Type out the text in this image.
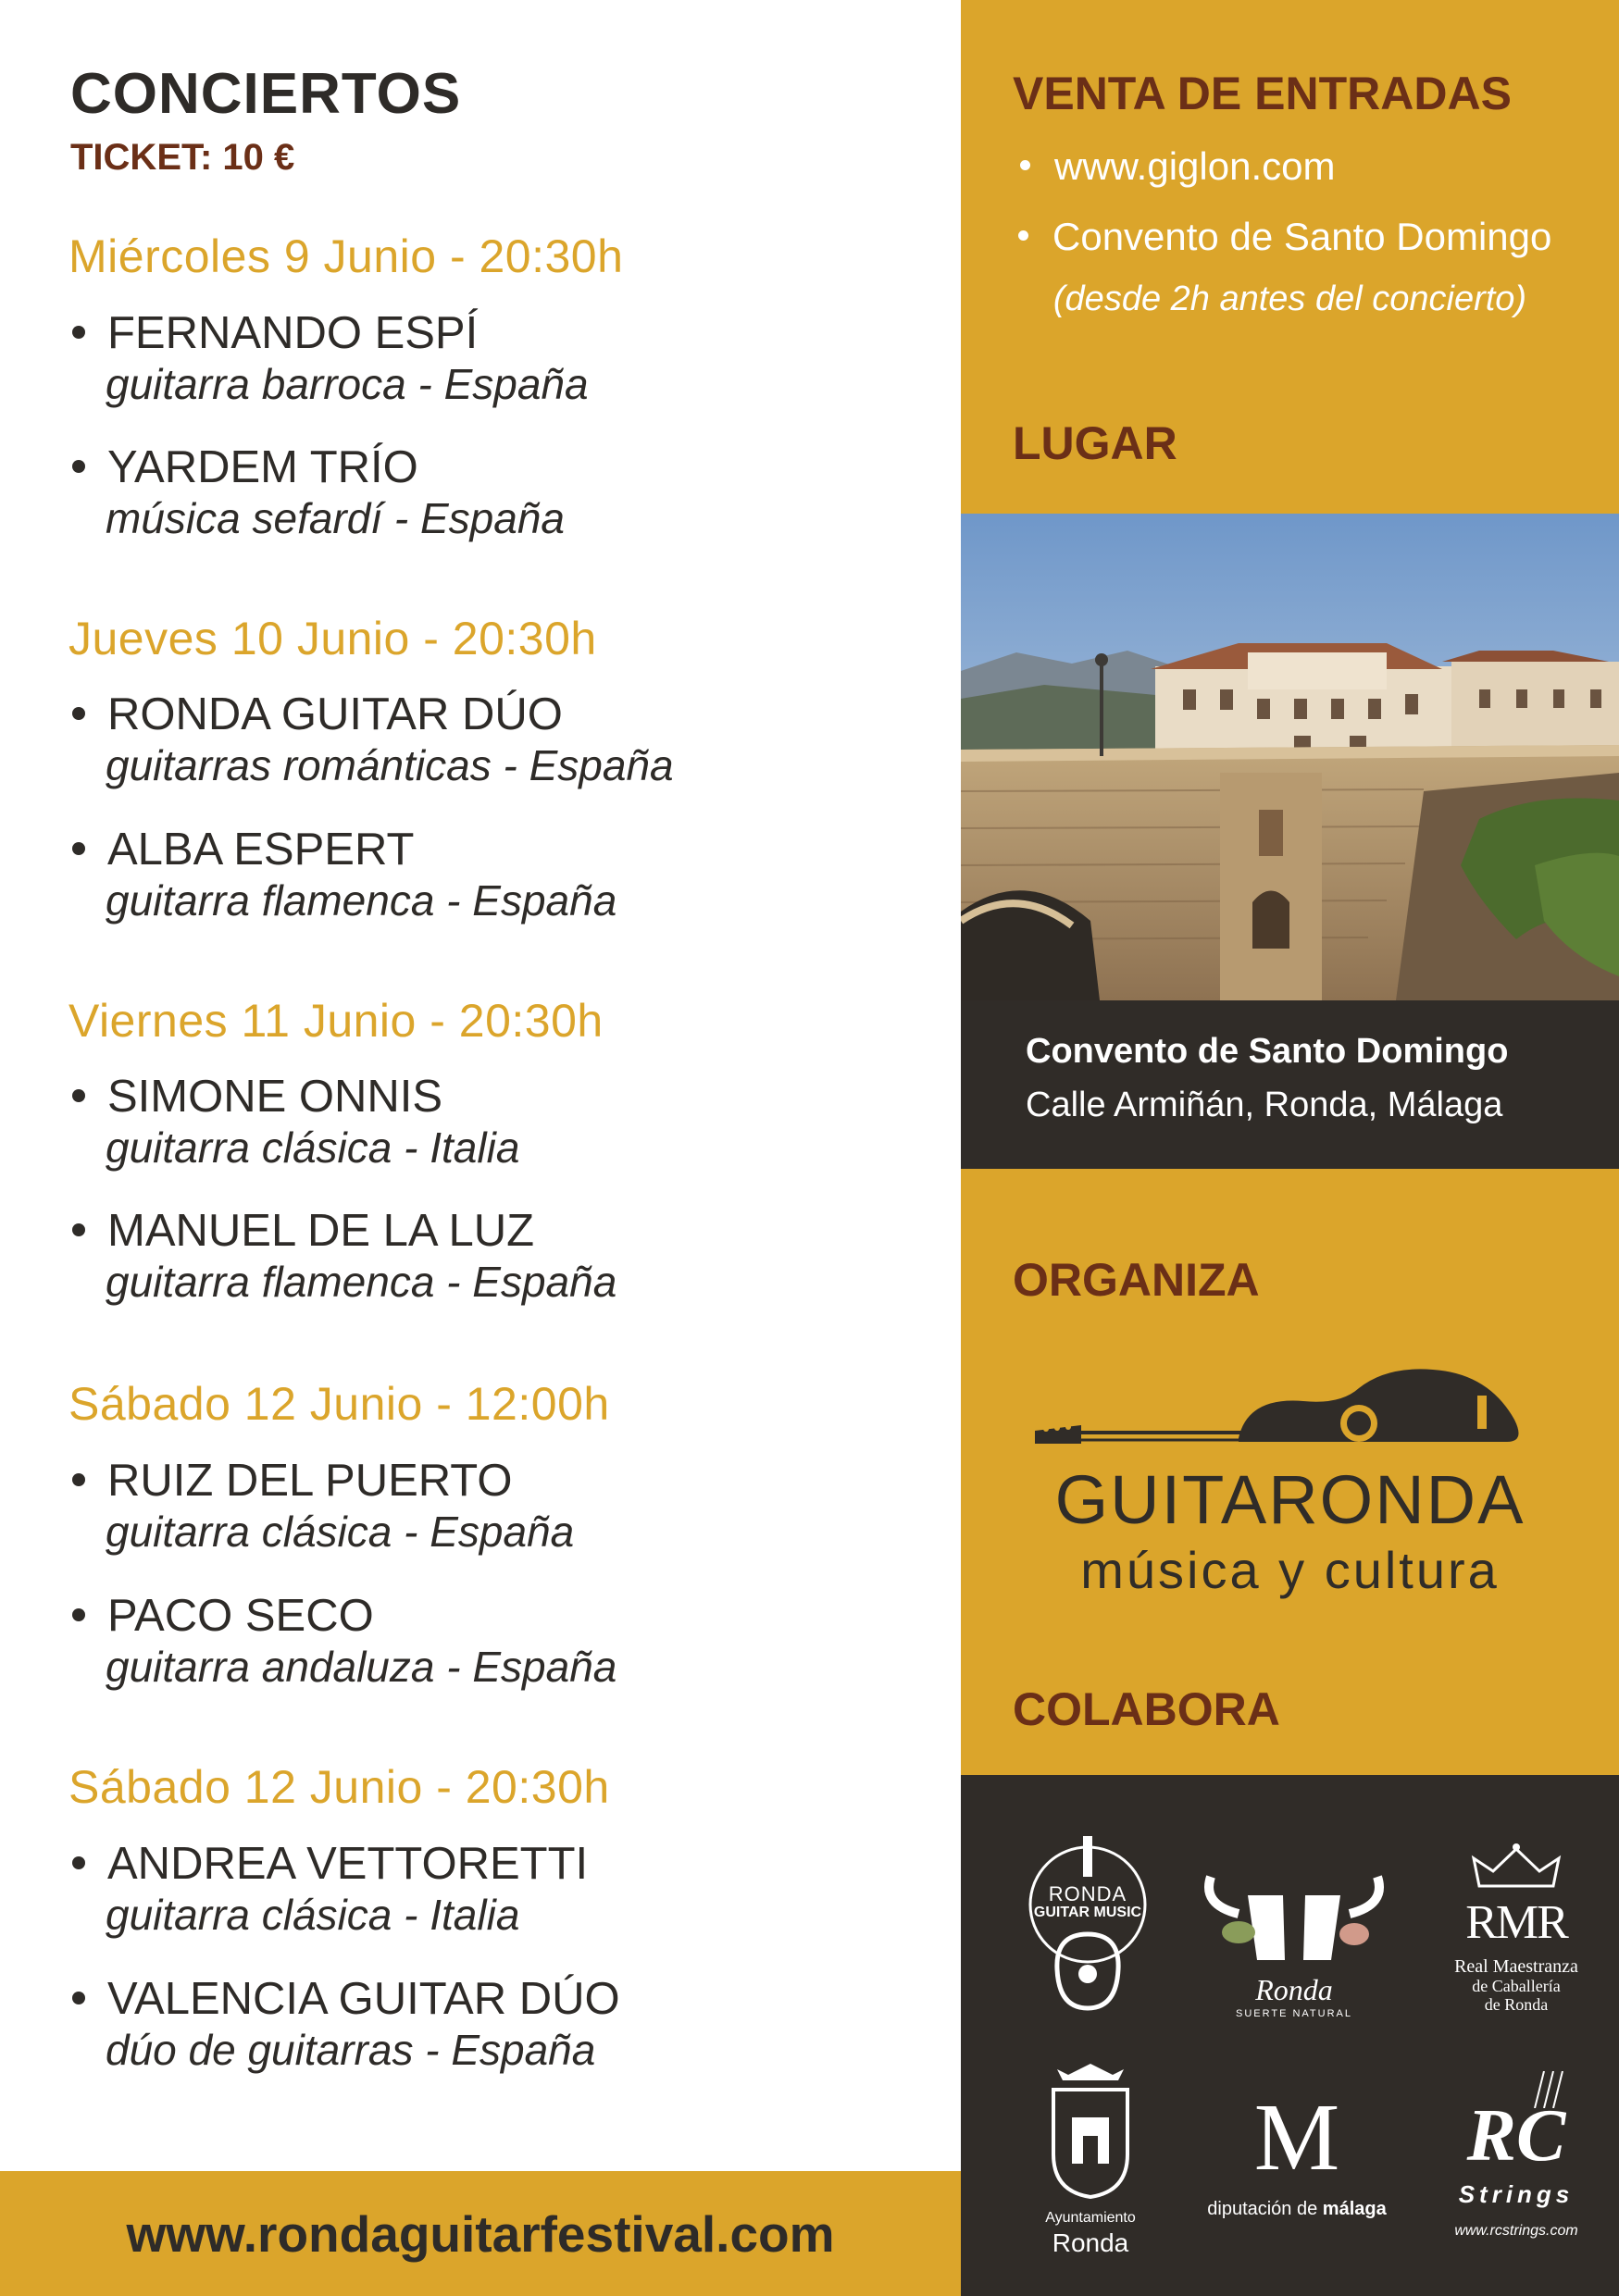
CONCIERTOS
TICKET: 10 €
Miércoles 9 Junio - 20:30h
FERNANDO ESPÍ
guitarra barroca - España
YARDEM TRÍO
música sefardí - España
Jueves 10 Junio - 20:30h
RONDA GUITAR DÚO
guitarras románticas - España
ALBA ESPERT
guitarra flamenca - España
Viernes 11 Junio - 20:30h
SIMONE ONNIS
guitarra clásica - Italia
MANUEL DE LA LUZ
guitarra flamenca - España
Sábado 12 Junio - 12:00h
RUIZ DEL PUERTO
guitarra clásica - España
PACO SECO
guitarra andaluza - España
Sábado 12 Junio - 20:30h
ANDREA VETTORETTI
guitarra clásica - Italia
VALENCIA GUITAR DÚO
dúo de guitarras - España
www.rondaguitarfestival.com
VENTA DE ENTRADAS
www.giglon.com
Convento de Santo Domingo
(desde 2h antes del concierto)
LUGAR
Convento de Santo Domingo
Calle Armiñán, Ronda, Málaga
ORGANIZA
GUITARONDA
música y cultura
COLABORA
RONDA
GUITAR MUSIC
Ronda
SUERTE NATURAL
RMR
Real Maestranza
de Caballería
de Ronda
Ayuntamiento
Ronda
M
diputación de málaga
RC
Strings
www.rcstrings.com
